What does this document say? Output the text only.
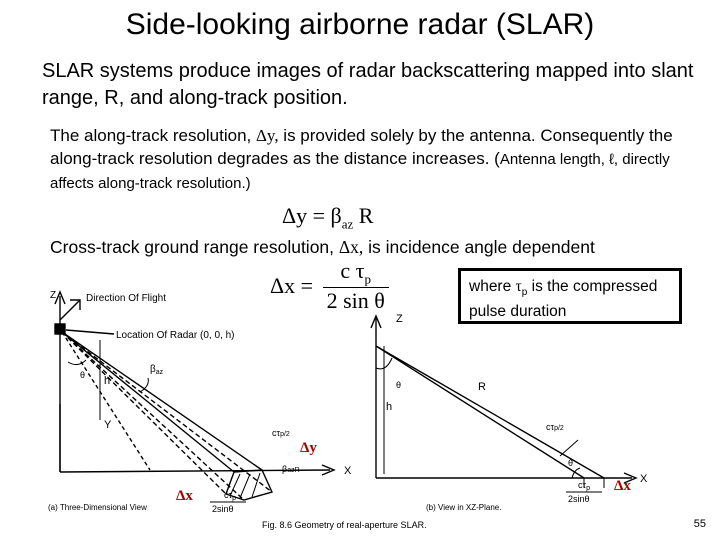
Side-looking airborne radar (SLAR)
SLAR systems produce images of radar backscattering mapped into slant range, R, and along-track position.
The along-track resolution, Δy, is provided solely by the antenna. Consequently the along-track resolution degrades as the distance increases. (Antenna length, ℓ, directly affects along-track resolution.)
$\Delta y = \beta_{az}$ R
Cross-track ground range resolution, Δx, is incidence angle dependent
$\Delta x = \frac{c \tau_p}{\text{2 sin θ}}$	where $\tau_p$ is the compressed pulse duration
Z	Direction Of Flight
Location Of Radar (0, 0, h)
h
θ	$\beta_{az}$
Y
X
cτp/2
βazR
Δy
Δx	$c\tau_p$
2sinθ
(a) Three-Dimensional View
Z
h
θ	R
cτp/2
θ
X
$c\tau_p$
2sinθ
Δx
(b) View in XZ-Plane.
Fig. 8.6 Geometry of real-aperture SLAR.	55
